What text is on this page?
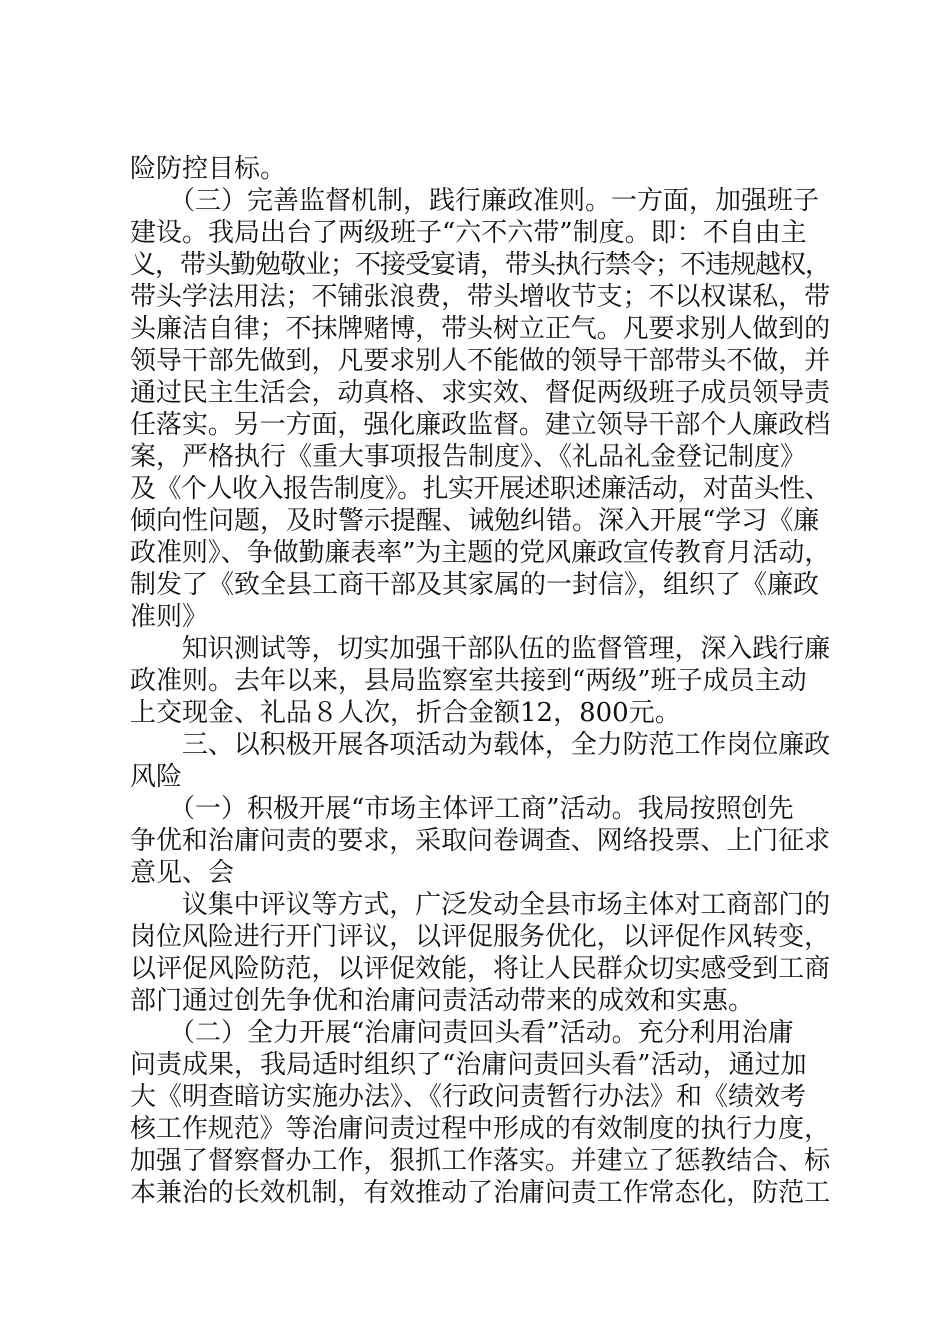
险防控目标。
　　（三）完善监督机制，践行廉政准则。一方面，加强班子
建设。我局出台了两级班子“六不六带”制度。即：不自由主
义，带头勤勉敬业；不接受宴请，带头执行禁令；不违规越权，
带头学法用法；不铺张浪费，带头增收节支；不以权谋私，带
头廉洁自律；不抹牌赌博，带头树立正气。凡要求别人做到的
领导干部先做到，凡要求别人不能做的领导干部带头不做，并
通过民主生活会，动真格、求实效、督促两级班子成员领导责
任落实。另一方面，强化廉政监督。建立领导干部个人廉政档
案，严格执行《重大事项报告制度》、《礼品礼金登记制度》
及《个人收入报告制度》。扎实开展述职述廉活动，对苗头性、
倾向性问题，及时警示提醒、诫勉纠错。深入开展“学习《廉
政准则》、争做勤廉表率”为主题的党风廉政宣传教育月活动，
制发了《致全县工商干部及其家属的一封信》，组织了《廉政
准则》
　　知识测试等，切实加强干部队伍的监督管理，深入践行廉
政准则。去年以来，县局监察室共接到“两级”班子成员主动
上交现金、礼品８人次，折合金额12，800元。
　　三、以积极开展各项活动为载体，全力防范工作岗位廉政
风险
　　（一）积极开展“市场主体评工商”活动。我局按照创先
争优和治庸问责的要求，采取问卷调查、网络投票、上门征求
意见、会
　　议集中评议等方式，广泛发动全县市场主体对工商部门的
岗位风险进行开门评议，以评促服务优化，以评促作风转变，
以评促风险防范，以评促效能，将让人民群众切实感受到工商
部门通过创先争优和治庸问责活动带来的成效和实惠。
　　（二）全力开展“治庸问责回头看”活动。充分利用治庸
问责成果，我局适时组织了“治庸问责回头看”活动，通过加
大《明查暗访实施办法》、《行政问责暂行办法》和《绩效考
核工作规范》等治庸问责过程中形成的有效制度的执行力度，
加强了督察督办工作，狠抓工作落实。并建立了惩教结合、标
本兼治的长效机制，有效推动了治庸问责工作常态化，防范工
